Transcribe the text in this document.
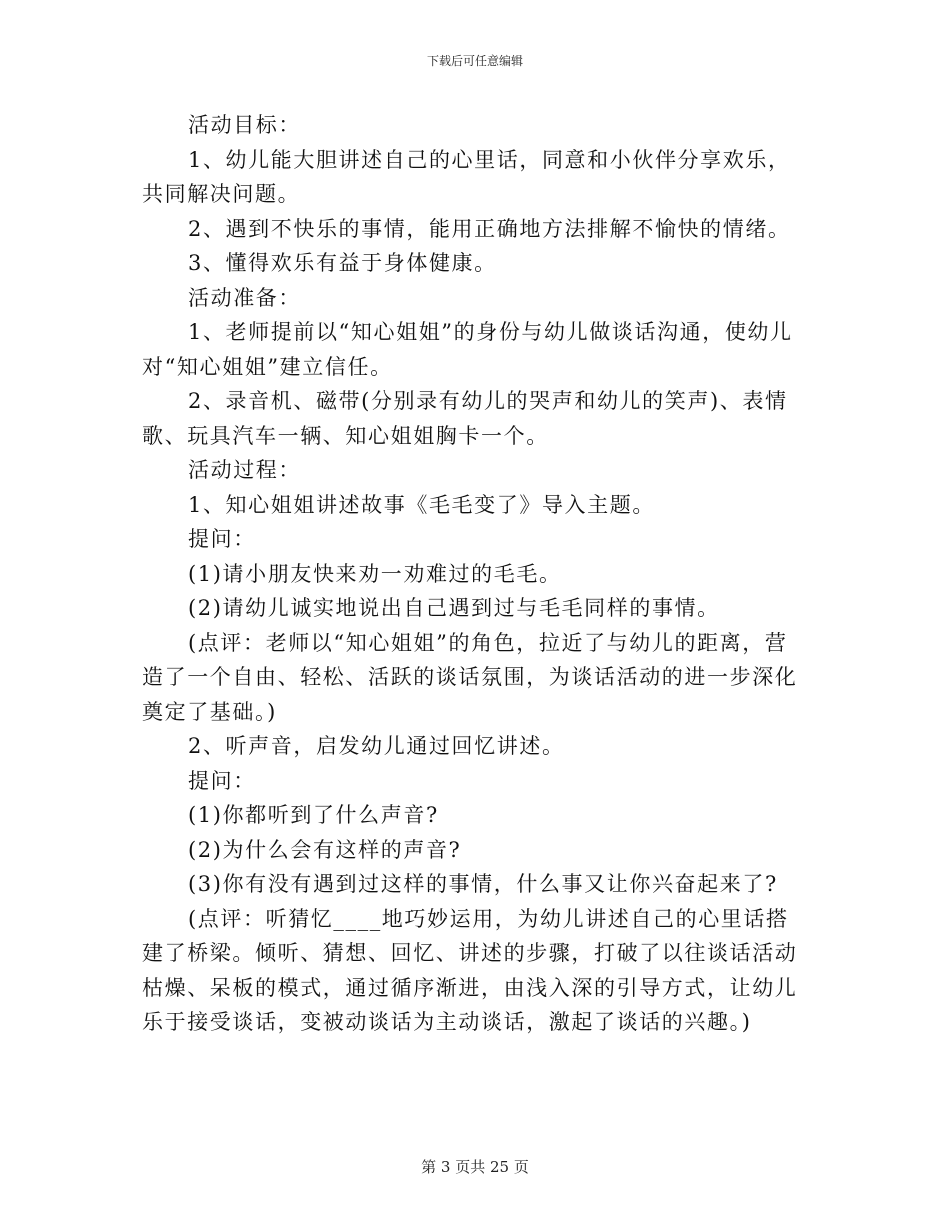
下载后可任意编辑

活动目标：

1、幼儿能大胆讲述自己的心里话，同意和小伙伴分享欢乐，共同解决问题。

2、遇到不快乐的事情，能用正确地方法排解不愉快的情绪。

3、懂得欢乐有益于身体健康。

活动准备：

1、老师提前以“知心姐姐”的身份与幼儿做谈话沟通，使幼儿对“知心姐姐”建立信任。

2、录音机、磁带(分别录有幼儿的哭声和幼儿的笑声)、表情歌、玩具汽车一辆、知心姐姐胸卡一个。

活动过程：

1、知心姐姐讲述故事《毛毛变了》导入主题。

提问：

(1)请小朋友快来劝一劝难过的毛毛。

(2)请幼儿诚实地说出自己遇到过与毛毛同样的事情。

(点评：老师以“知心姐姐”的角色，拉近了与幼儿的距离，营造了一个自由、轻松、活跃的谈话氛围，为谈话活动的进一步深化奠定了基础。)

2、听声音，启发幼儿通过回忆讲述。

提问：

(1)你都听到了什么声音?

(2)为什么会有这样的声音?

(3)你有没有遇到过这样的事情，什么事又让你兴奋起来了?

(点评：听猜忆____地巧妙运用，为幼儿讲述自己的心里话搭建了桥梁。倾听、猜想、回忆、讲述的步骤，打破了以往谈话活动枯燥、呆板的模式，通过循序渐进，由浅入深的引导方式，让幼儿乐于接受谈话，变被动谈话为主动谈话，激起了谈话的兴趣。)

第 3 页共 25 页
